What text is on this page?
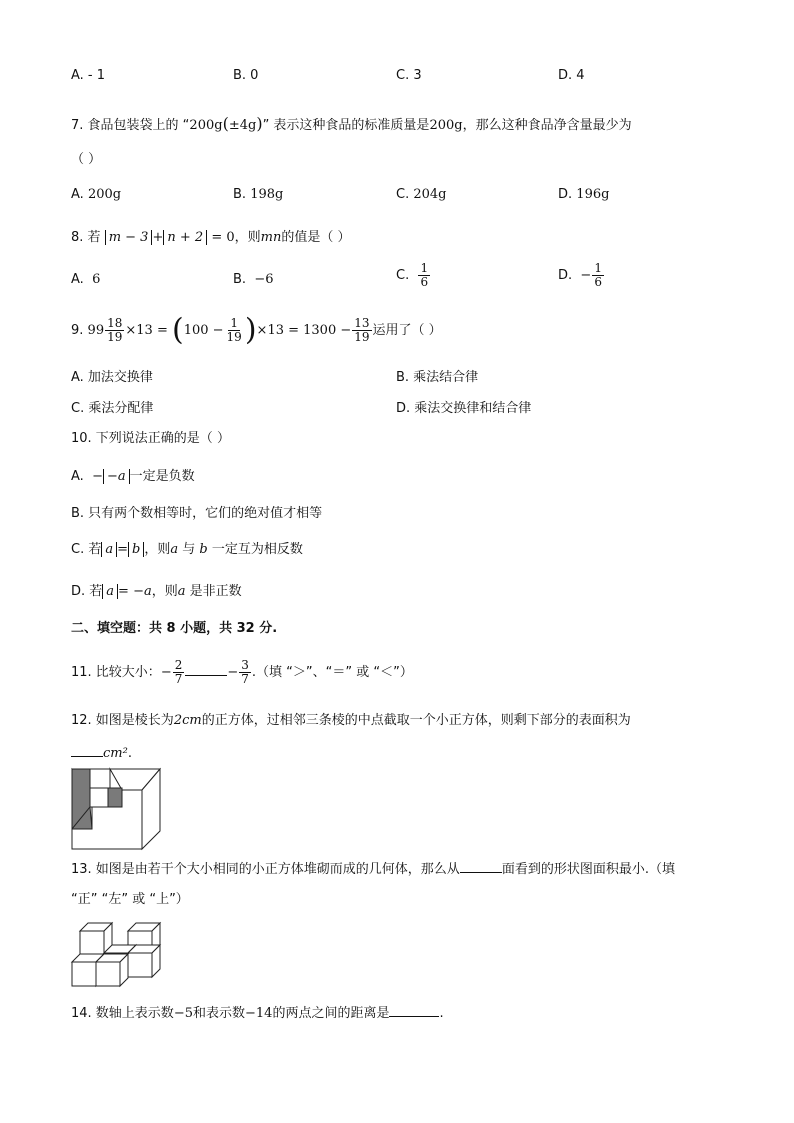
A. - 1	B. 0	C. 3	D. 4
7. 食品包装袋上的 “200g(±4g)” 表示这种食品的标准质量是200g，那么这种食品净含量最少为
（ ）
A. 200g	B. 198g	C. 204g	D. 196g
8. 若 m − 3 + n + 2 = 0，则mn的值是（ ）
A. 6	B. −6	C. $\frac{1}{6}$	D. − $\frac{1}{6}$
9. $99 \frac{18}{19} \times 13 = (100 - \frac{1}{19} )\times 13 = 1300 - \frac{13}{19}$ 运用了（ ）
A. 加法交换律	B. 乘法结合律
C. 乘法分配律	D. 乘法交换律和结合律
10. 下列说法正确的是（ ）
A. − −a 一定是负数
B. 只有两个数相等时，它们的绝对值才相等
C. 若 a = b ，则a 与 b 一定互为相反数
D. 若 a = −a，则a 是非正数
二、填空题：共 8 小题，共 32 分.
11. 比较大小：− $\frac{2}{7}$	− $\frac{3}{7}$ .（填 “＞”、“＝” 或 “＜”）
12. 如图是棱长为2cm的正方体，过相邻三条棱的中点截取一个小正方体，则剩下部分的表面积为
cm².
13. 如图是由若干个大小相同的小正方体堆砌而成的几何体，那么从	面看到的形状图面积最小.（填
“正” “左” 或 “上”）
14. 数轴上表示数−5和表示数−14的两点之间的距离是	.
